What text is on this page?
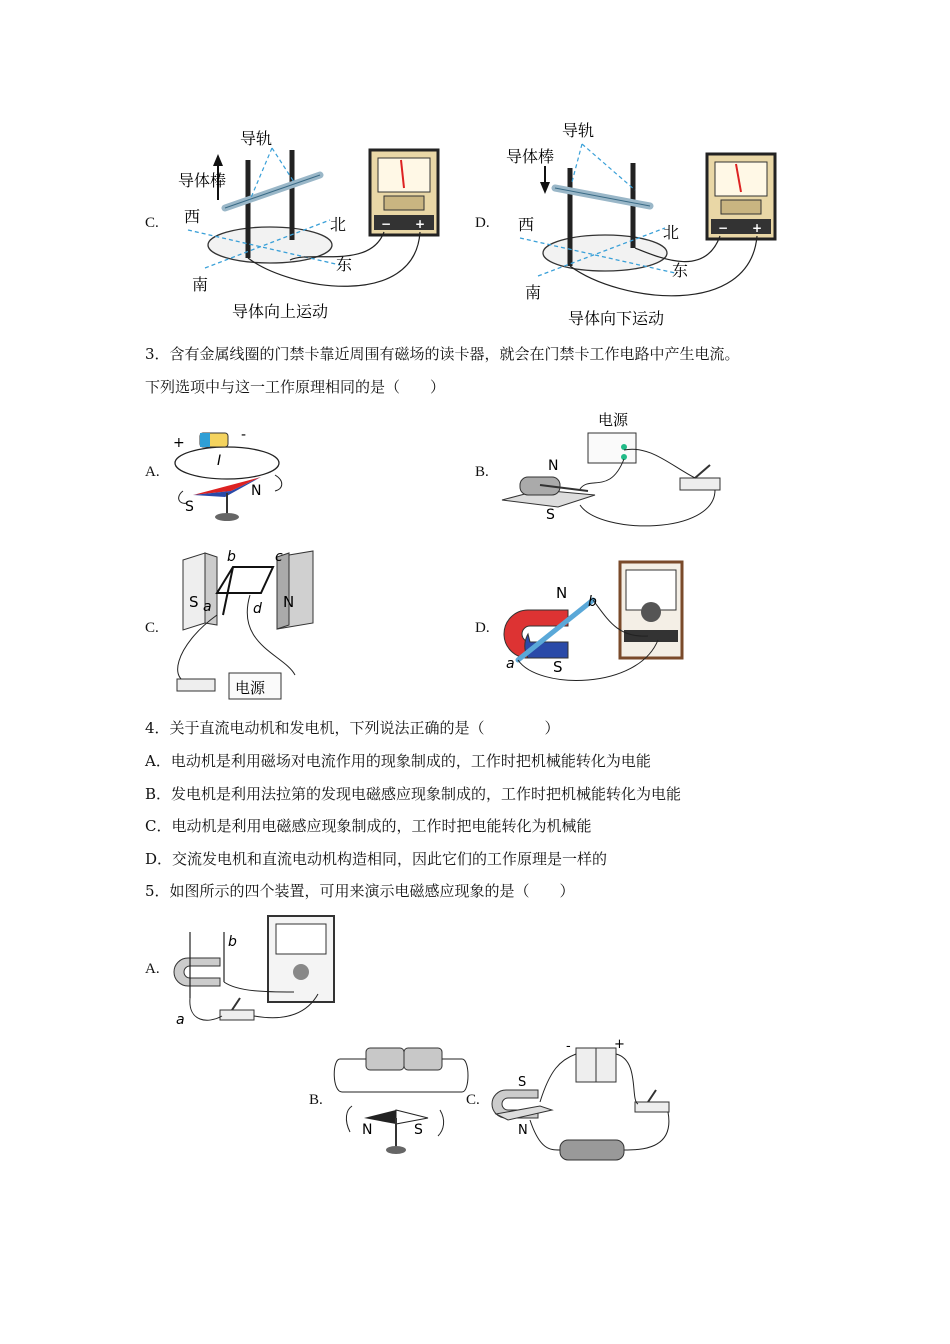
C.	− +
导轨
导体棒
西	北
南
东
导体向上运动
D.	− +
导轨
导体棒
西	北
南
东
导体向下运动
3．含有金属线圈的门禁卡靠近周围有磁场的读卡器，就会在门禁卡工作电路中产生电流。
下列选项中与这一工作原理相同的是（　　）
A.
+	-
I
S
N
B.
电源
N
S
C.
S	N
a
b	c
d
电源
D.
N
S
a
b
4．关于直流电动机和发电机，下列说法正确的是（　　　　）
A．电动机是利用磁场对电流作用的现象制成的，工作时把机械能转化为电能
B．发电机是利用法拉第的发现电磁感应现象制成的，工作时把机械能转化为电能
C．电动机是利用电磁感应现象制成的，工作时把电能转化为机械能
D．交流发电机和直流电动机构造相同，因此它们的工作原理是一样的
5．如图所示的四个装置，可用来演示电磁感应现象的是（　　）
A.
a
b
B.
N	S
C.
S
N
-	+
